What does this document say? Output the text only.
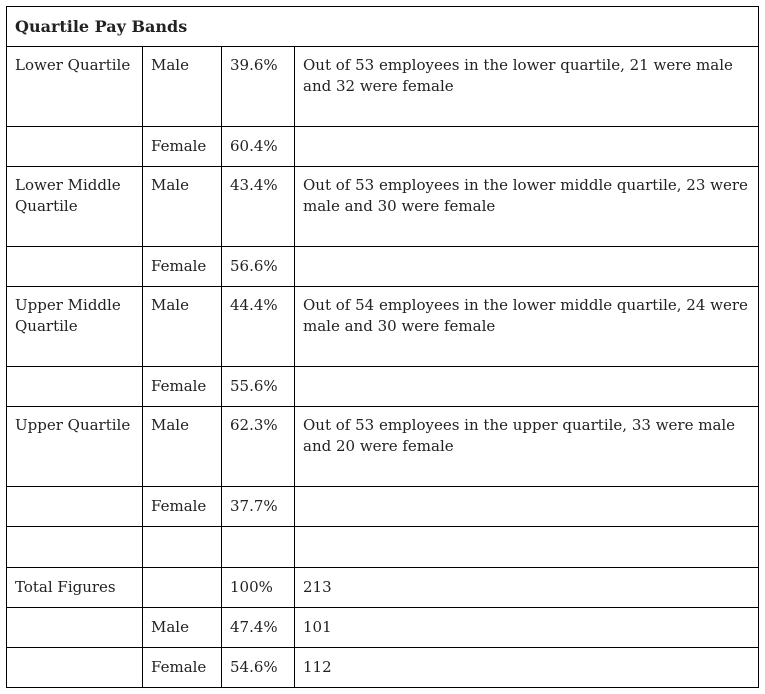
Quartile Pay Bands			
Lower Quartile	Male	39.6%	Out of 53 employees in the lower quartile, 21 were male and 32 were female
	Female	60.4%	
Lower Middle Quartile	Male	43.4%	Out of 53 employees in the lower middle quartile, 23 were male and 30 were female
	Female	56.6%	
Upper Middle Quartile	Male	44.4%	Out of 54 employees in the lower middle quartile, 24 were male and 30 were female
	Female	55.6%	
Upper Quartile	Male	62.3%	Out of 53 employees in the upper quartile, 33 were male and 20 were female
	Female	37.7%	

Total Figures		100%	213
	Male	47.4%	101
	Female	54.6%	112
